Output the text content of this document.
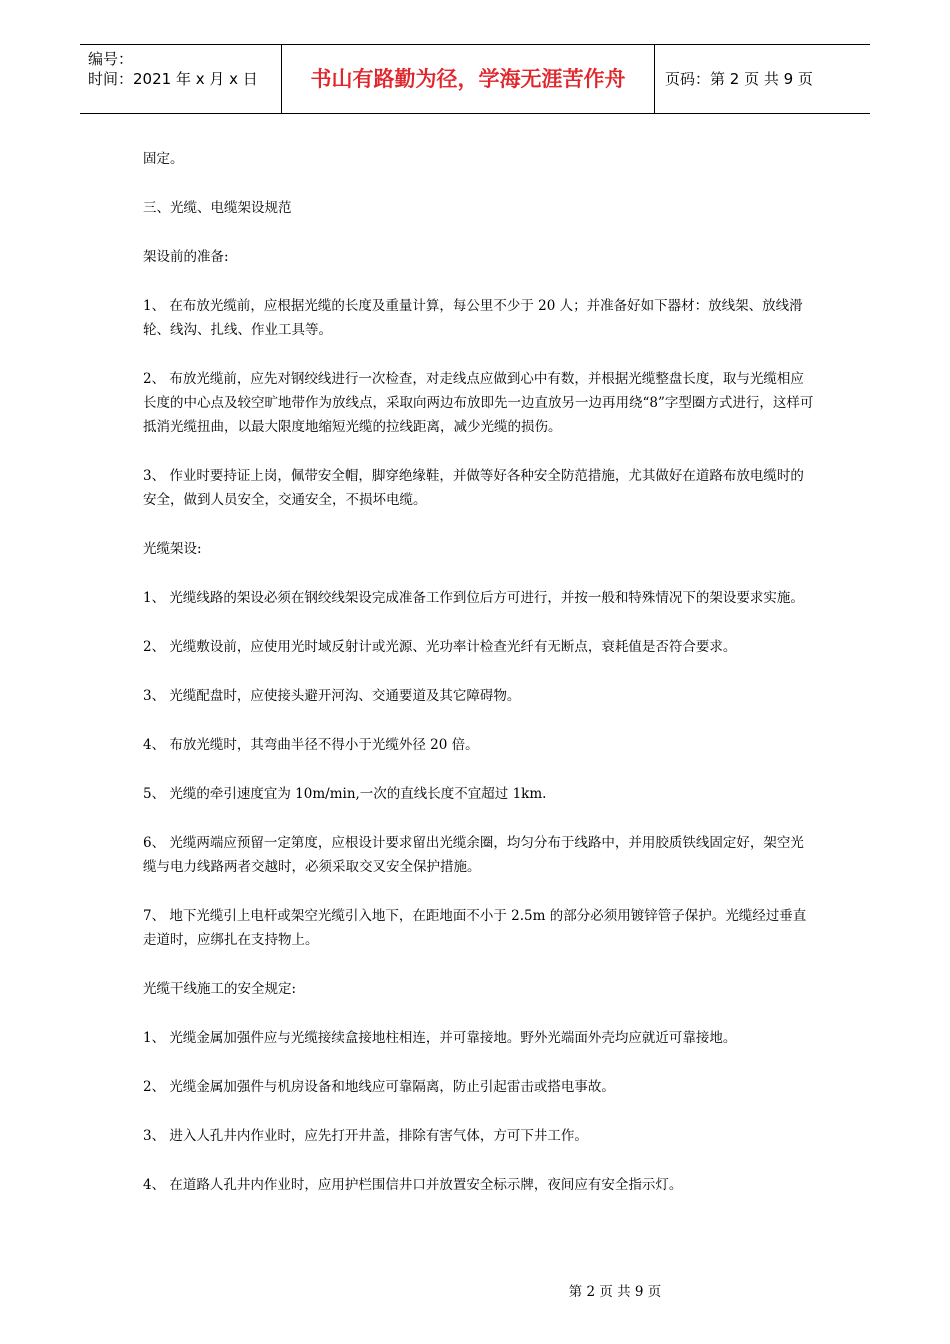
编号：
时间：2021 年 x 月 x 日	书山有路勤为径，学海无涯苦作舟	页码：第 2 页 共 9 页

固定。

三、光缆、电缆架设规范

架设前的准备:

1、 在布放光缆前，应根据光缆的长度及重量计算，每公里不少于 20 人；并准备好如下器材：放线架、放线滑轮、线沟、扎线、作业工具等。

2、 布放光缆前，应先对钢绞线进行一次检查，对走线点应做到心中有数，并根据光缆整盘长度，取与光缆相应长度的中心点及较空旷地带作为放线点，采取向两边布放即先一边直放另一边再用绕“8”字型圈方式进行，这样可抵消光缆扭曲，以最大限度地缩短光缆的拉线距离，减少光缆的损伤。

3、 作业时要持证上岗，佩带安全帽，脚穿绝缘鞋，并做等好各种安全防范措施，尤其做好在道路布放电缆时的安全，做到人员安全，交通安全，不损坏电缆。

光缆架设:

1、 光缆线路的架设必须在钢绞线架设完成准备工作到位后方可进行，并按一般和特殊情况下的架设要求实施。

2、 光缆敷设前，应使用光时域反射计或光源、光功率计检查光纤有无断点，衰耗值是否符合要求。

3、 光缆配盘时，应使接头避开河沟、交通要道及其它障碍物。

4、 布放光缆时，其弯曲半径不得小于光缆外径 20 倍。

5、 光缆的牵引速度宜为 10m/min,一次的直线长度不宜超过 1km.

6、 光缆两端应预留一定第度，应根设计要求留出光缆余圈，均匀分布于线路中，并用胶质铁线固定好，架空光缆与电力线路两者交越时，必须采取交叉安全保护措施。

7、 地下光缆引上电杆或架空光缆引入地下，在距地面不小于 2.5m 的部分必须用镀锌管子保护。光缆经过垂直走道时，应绑扎在支持物上。

光缆干线施工的安全规定:

1、 光缆金属加强件应与光缆接续盒接地柱相连，并可靠接地。野外光端面外壳均应就近可靠接地。

2、 光缆金属加强件与机房设备和地线应可靠隔离，防止引起雷击或搭电事故。

3、 进入人孔井内作业时，应先打开井盖，排除有害气体，方可下井工作。

4、 在道路人孔井内作业时，应用护栏围信井口并放置安全标示牌，夜间应有安全指示灯。

第 2 页 共 9 页
